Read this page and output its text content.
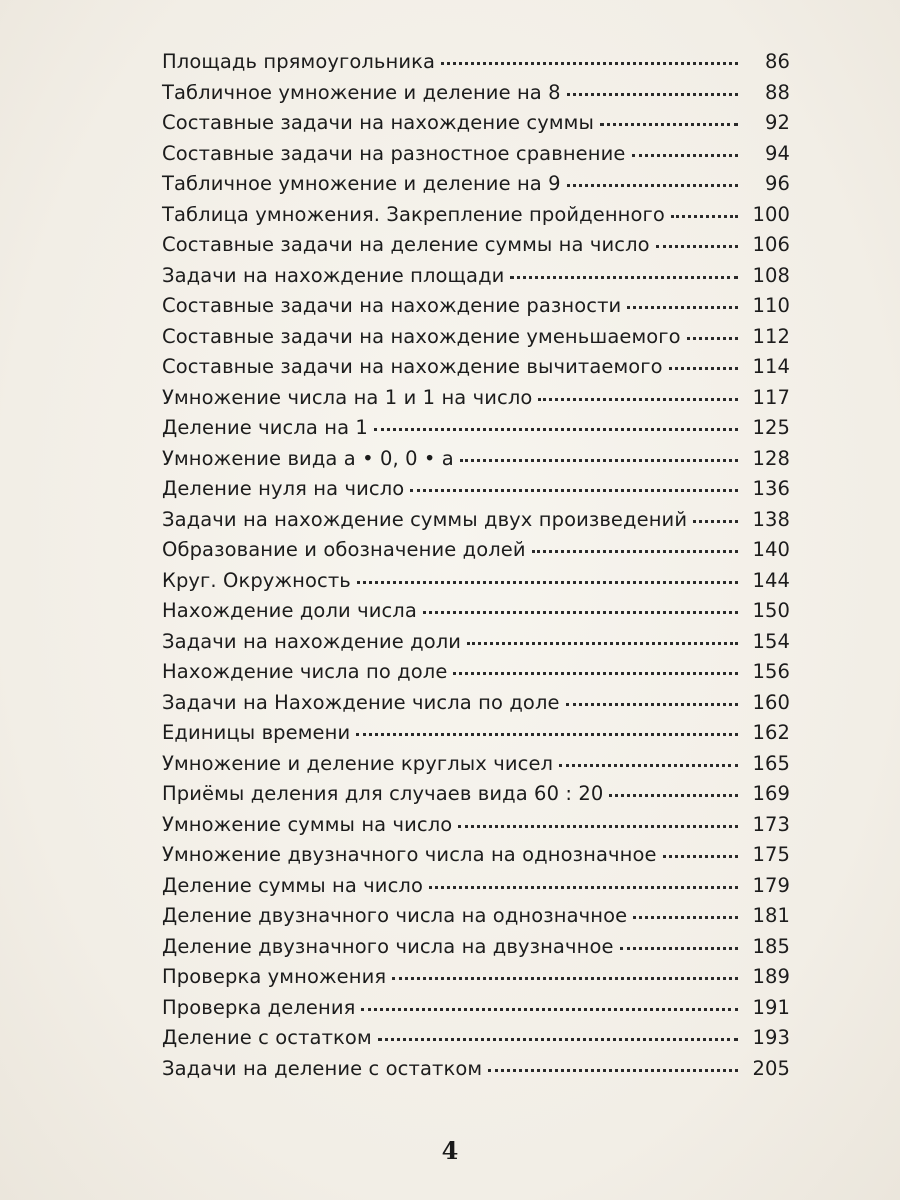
Площадь прямоугольника	86
Табличное умножение и деление на 8	88
Составные задачи на нахождение суммы	92
Составные задачи на разностное сравнение	94
Табличное умножение и деление на 9	96
Таблица умножения. Закрепление пройденного	100
Составные задачи на деление суммы на число	106
Задачи на нахождение площади	108
Составные задачи на нахождение разности	110
Составные задачи на нахождение уменьшаемого	112
Составные задачи на нахождение вычитаемого	114
Умножение числа на 1 и 1 на число	117
Деление числа на 1	125
Умножение вида а • 0, 0 • а	128
Деление нуля на число	136
Задачи на нахождение суммы двух произведений	138
Образование и обозначение долей	140
Круг. Окружность	144
Нахождение доли числа	150
Задачи на нахождение доли	154
Нахождение числа по доле	156
Задачи на Нахождение числа по доле	160
Единицы времени	162
Умножение и деление круглых чисел	165
Приёмы деления для случаев вида 60 : 20	169
Умножение суммы на число	173
Умножение двузначного числа на однозначное	175
Деление суммы на число	179
Деление двузначного числа на однозначное	181
Деление двузначного числа на двузначное	185
Проверка умножения	189
Проверка деления	191
Деление с остатком	193
Задачи на деление с остатком	205
4
